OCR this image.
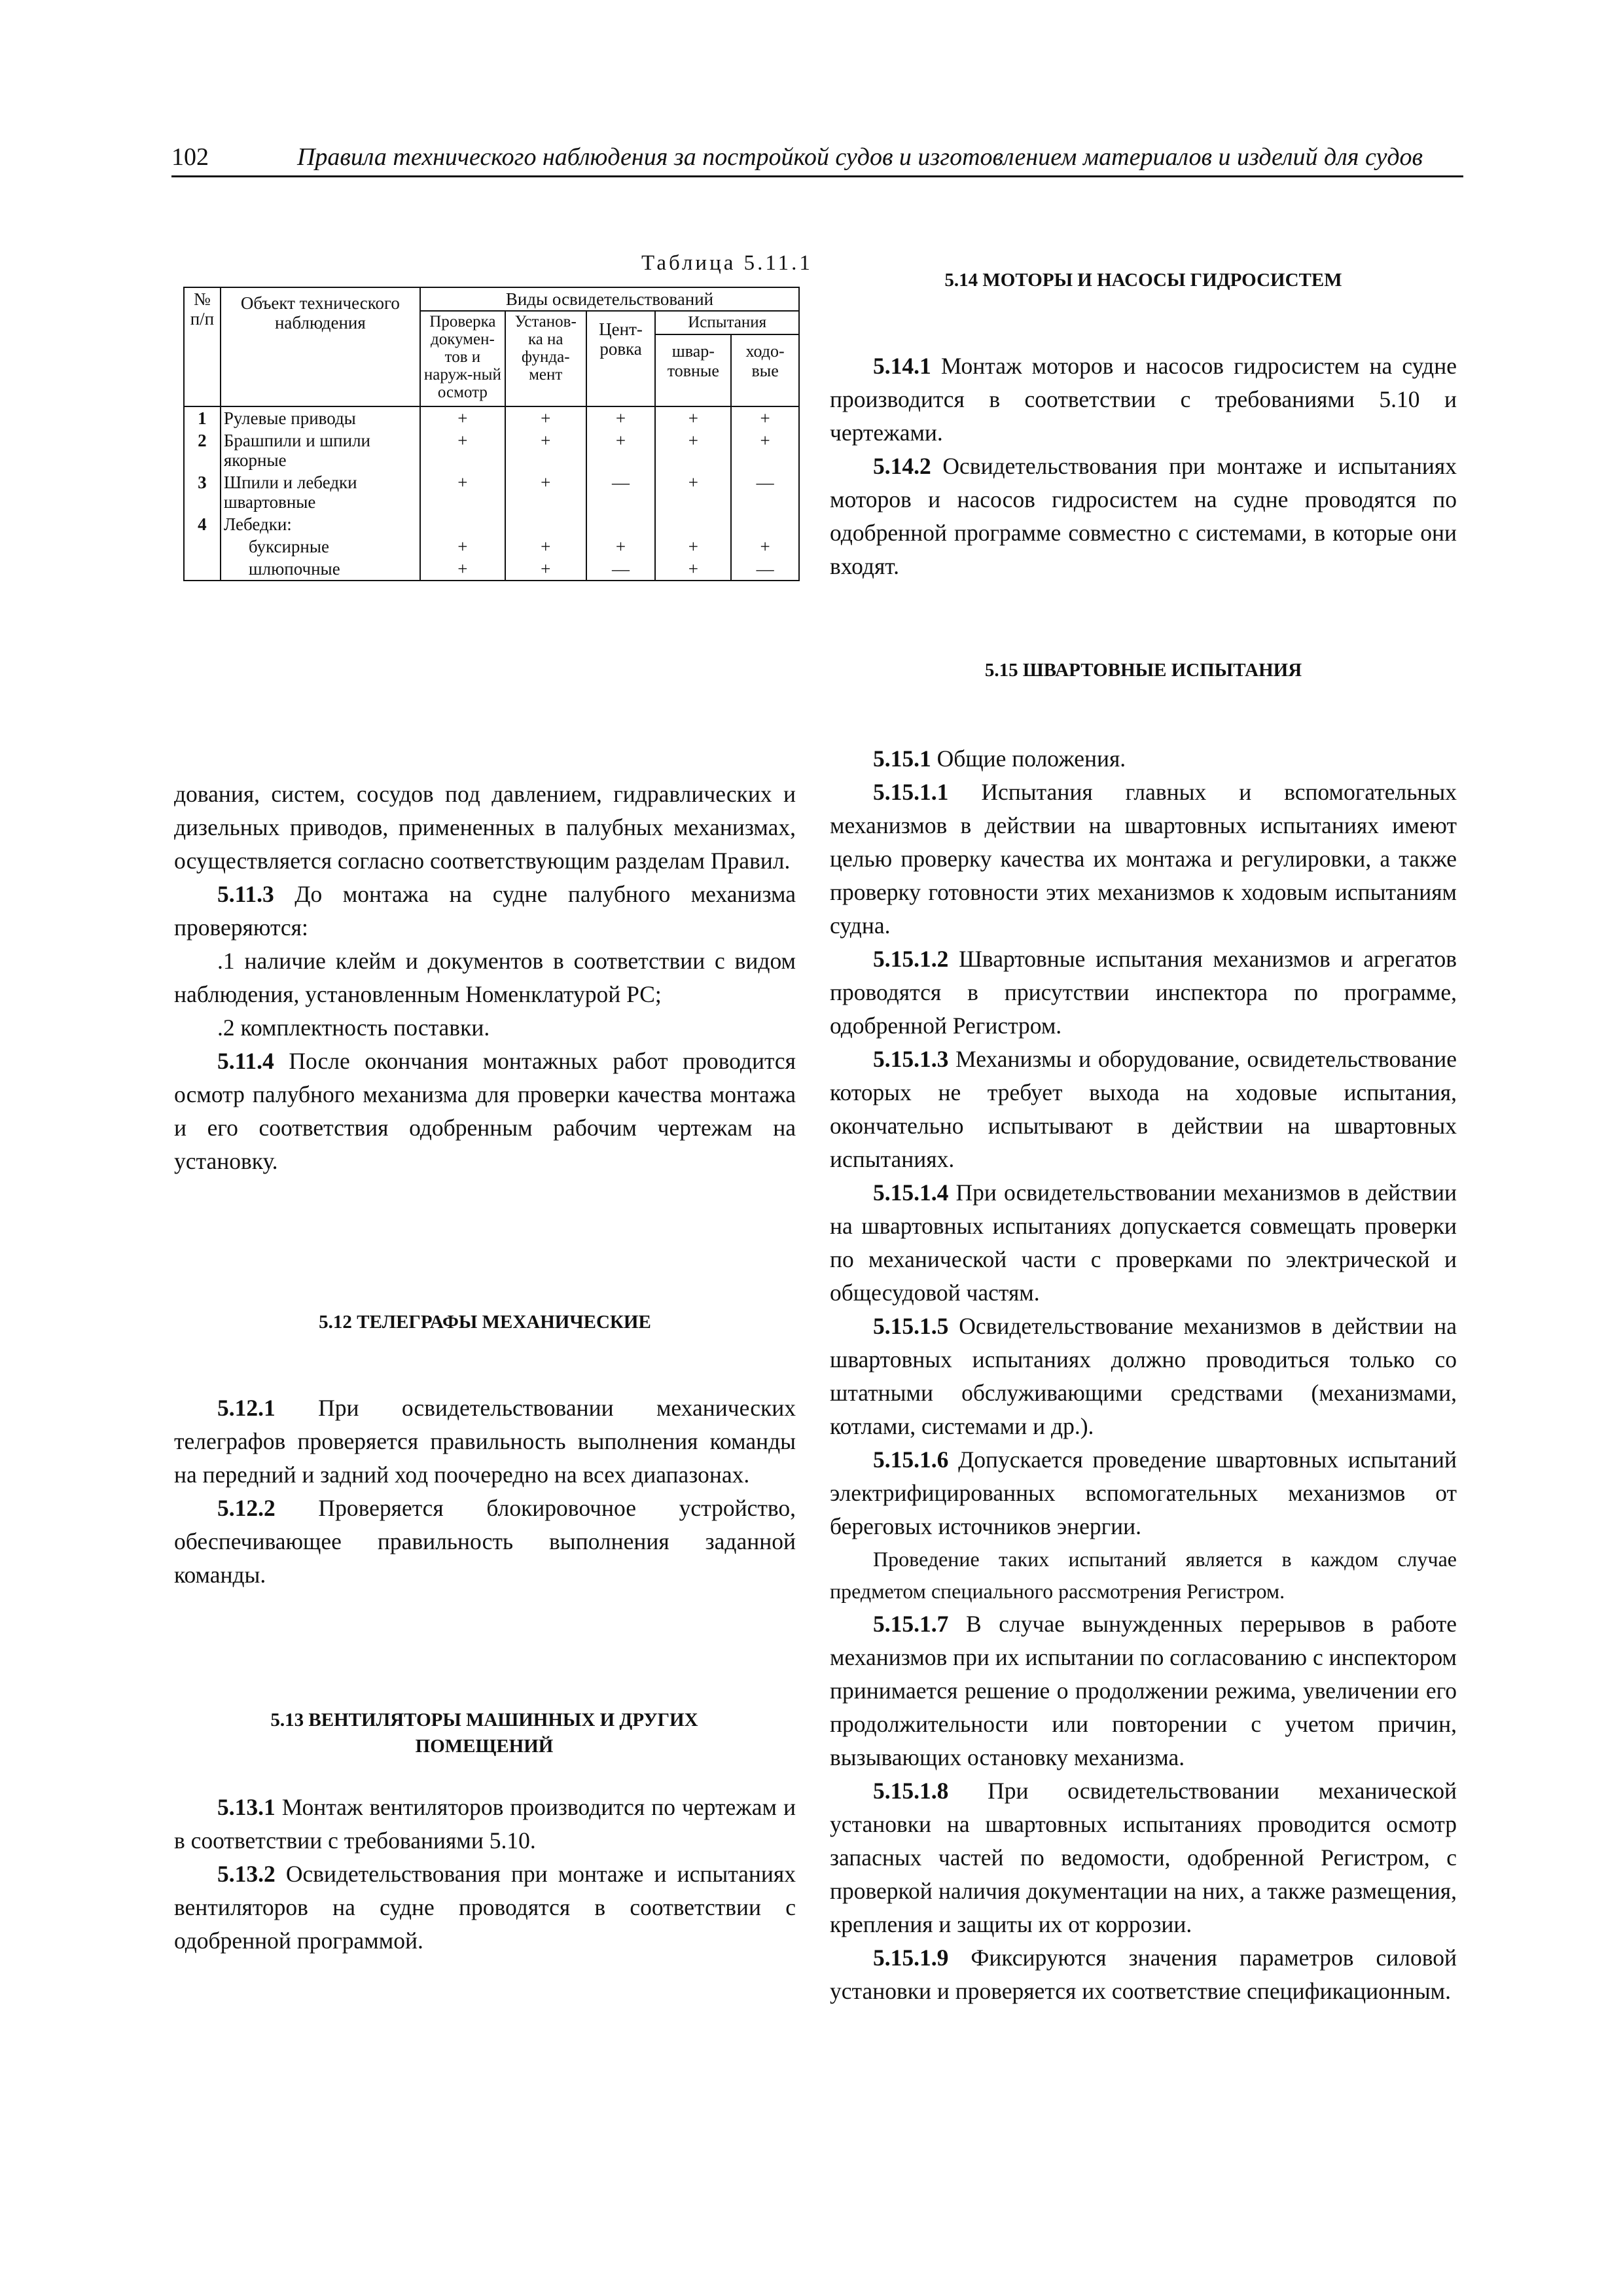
102	Правила технического наблюдения за постройкой судов и изготовлением материалов и изделий для судов
Таблица 5.11.1
№ п/п	Объект технического наблюдения	Виды освидетельствований				
		Проверка докумен-тов и наруж-ный осмотр	Установ-ка на фунда-мент	Цент-ровка	Испытания	
					швар-товные	ходо-вые
1	Рулевые приводы	+	+	+	+	+
2	Брашпили и шпили якорные	+	+	+	+	+
3	Шпили и лебедки швартовные	+	+	—	+	—
4	Лебедки:					
	буксирные	+	+	+	+	+
	шлюпочные	+	+	—	+	—

дования, систем, сосудов под давлением, гидравлических и дизельных приводов, примененных в палубных механизмах, осуществляется согласно соответствующим разделам Правил.

5.11.3 До монтажа на судне палубного механизма проверяются:

.1 наличие клейм и документов в соответствии с видом наблюдения, установленным Номенклатурой РС;

.2 комплектность поставки.

5.11.4 После окончания монтажных работ проводится осмотр палубного механизма для проверки качества монтажа и его соответствия одобренным рабочим чертежам на установку.

5.12 ТЕЛЕГРАФЫ МЕХАНИЧЕСКИЕ

5.12.1 При освидетельствовании механических телеграфов проверяется правильность выполнения команды на передний и задний ход поочередно на всех диапазонах.

5.12.2 Проверяется блокировочное устройство, обеспечивающее правильность выполнения заданной команды.

5.13 ВЕНТИЛЯТОРЫ МАШИННЫХ И ДРУГИХ ПОМЕЩЕНИЙ

5.13.1 Монтаж вентиляторов производится по чертежам и в соответствии с требованиями 5.10.

5.13.2 Освидетельствования при монтаже и испытаниях вентиляторов на судне проводятся в соответствии с одобренной программой.

5.14 МОТОРЫ И НАСОСЫ ГИДРОСИСТЕМ

5.14.1 Монтаж моторов и насосов гидросистем на судне производится в соответствии с требованиями 5.10 и чертежами.

5.14.2 Освидетельствования при монтаже и испытаниях моторов и насосов гидросистем на судне проводятся по одобренной программе совместно с системами, в которые они входят.

5.15 ШВАРТОВНЫЕ ИСПЫТАНИЯ

5.15.1 Общие положения.

5.15.1.1 Испытания главных и вспомогательных механизмов в действии на швартовных испытаниях имеют целью проверку качества их монтажа и регулировки, а также проверку готовности этих механизмов к ходовым испытаниям судна.

5.15.1.2 Швартовные испытания механизмов и агрегатов проводятся в присутствии инспектора по программе, одобренной Регистром.

5.15.1.3 Механизмы и оборудование, освидетельствование которых не требует выхода на ходовые испытания, окончательно испытывают в действии на швартовных испытаниях.

5.15.1.4 При освидетельствовании механизмов в действии на швартовных испытаниях допускается совмещать проверки по механической части с проверками по электрической и общесудовой частям.

5.15.1.5 Освидетельствование механизмов в действии на швартовных испытаниях должно проводиться только со штатными обслуживающими средствами (механизмами, котлами, системами и др.).

5.15.1.6 Допускается проведение швартовных испытаний электрифицированных вспомогательных механизмов от береговых источников энергии.

Проведение таких испытаний является в каждом случае предметом специального рассмотрения Регистром.

5.15.1.7 В случае вынужденных перерывов в работе механизмов при их испытании по согласованию с инспектором принимается решение о продолжении режима, увеличении его продолжительности или повторении с учетом причин, вызывающих остановку механизма.

5.15.1.8 При освидетельствовании механической установки на швартовных испытаниях проводится осмотр запасных частей по ведомости, одобренной Регистром, с проверкой наличия документации на них, а также размещения, крепления и защиты их от коррозии.

5.15.1.9 Фиксируются значения параметров силовой установки и проверяется их соответствие спецификационным.
